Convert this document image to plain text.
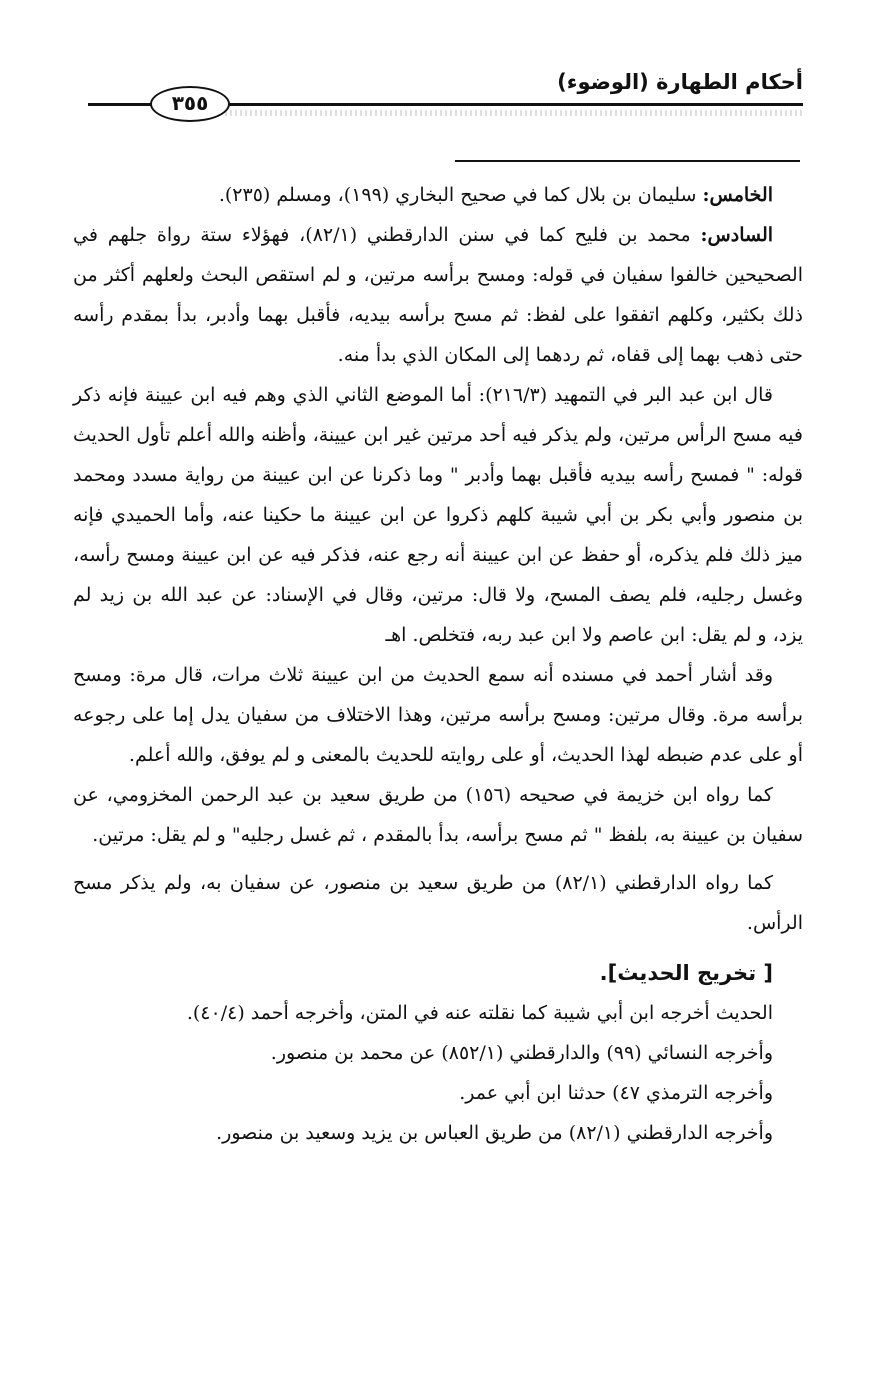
أحكام الطهارة (الوضوء)
٣٥٥

الخامس: سليمان بن بلال كما في صحيح البخاري (١٩٩)، ومسلم (٢٣٥).

السادس: محمد بن فليح كما في سنن الدارقطني (٨٢/١)، فهؤلاء ستة رواة جلهم في الصحيحين خالفوا سفيان في قوله: ومسح برأسه مرتين، و لم استقص البحث ولعلهم أكثر من ذلك بكثير، وكلهم اتفقوا على لفظ: ثم مسح برأسه بيديه، فأقبل بهما وأدبر، بدأ بمقدم رأسه حتى ذهب بهما إلى قفاه، ثم ردهما إلى المكان الذي بدأ منه.

قال ابن عبد البر في التمهيد (٢١٦/٣): أما الموضع الثاني الذي وهم فيه ابن عيينة فإنه ذكر فيه مسح الرأس مرتين، ولم يذكر فيه أحد مرتين غير ابن عيينة، وأظنه والله أعلم تأول الحديث قوله: " فمسح رأسه بيديه فأقبل بهما وأدبر " وما ذكرنا عن ابن عيينة من رواية مسدد ومحمد بن منصور وأبي بكر بن أبي شيبة كلهم ذكروا عن ابن عيينة ما حكينا عنه، وأما الحميدي فإنه ميز ذلك فلم يذكره، أو حفظ عن ابن عيينة أنه رجع عنه، فذكر فيه عن ابن عيينة ومسح رأسه، وغسل رجليه، فلم يصف المسح، ولا قال: مرتين، وقال في الإسناد: عن عبد الله بن زيد لم يزد، و لم يقل: ابن عاصم ولا ابن عبد ربه، فتخلص. اهـ

وقد أشار أحمد في مسنده أنه سمع الحديث من ابن عيينة ثلاث مرات، قال مرة: ومسح برأسه مرة. وقال مرتين: ومسح برأسه مرتين، وهذا الاختلاف من سفيان يدل إما على رجوعه أو على عدم ضبطه لهذا الحديث، أو على روايته للحديث بالمعنى و لم يوفق، والله أعلم.

كما رواه ابن خزيمة في صحيحه (١٥٦) من طريق سعيد بن عبد الرحمن المخزومي، عن سفيان بن عيينة به، بلفظ " ثم مسح برأسه، بدأ بالمقدم ، ثم غسل رجليه" و لم يقل: مرتين.

كما رواه الدارقطني (٨٢/١) من طريق سعيد بن منصور، عن سفيان به، ولم يذكر مسح الرأس.

[ تخريج الحديث].

الحديث أخرجه ابن أبي شيبة كما نقلته عنه في المتن، وأخرجه أحمد (٤٠/٤).

وأخرجه النسائي (٩٩) والدارقطني (٨٥٢/١) عن محمد بن منصور.

وأخرجه الترمذي ٤٧) حدثنا ابن أبي عمر.

وأخرجه الدارقطني (٨٢/١) من طريق العباس بن يزيد وسعيد بن منصور.
